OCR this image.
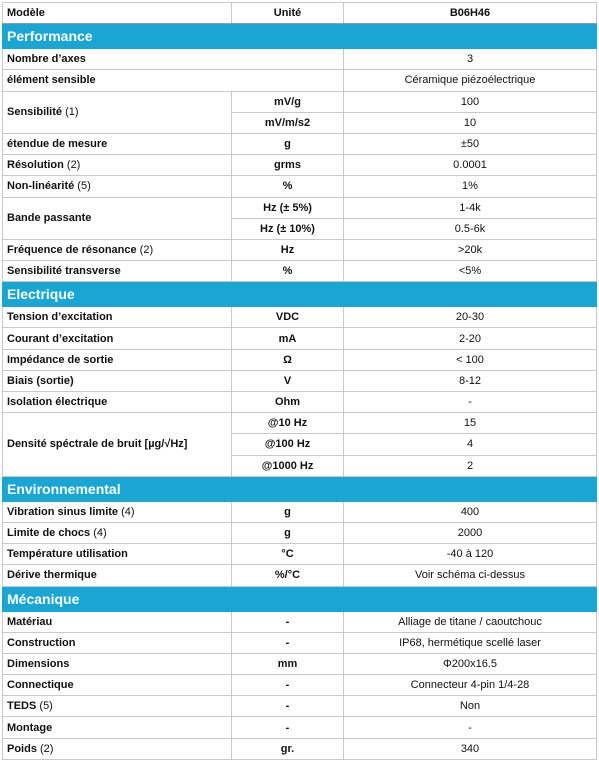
Modèle	Unité	B06H46
Performance		
Nombre d’axes		3
élément sensible		Céramique piézoélectrique
Sensibilité (1)	mV/g	100
	mV/m/s2	10
étendue de mesure	g	±50
Résolution (2)	grms	0.0001
Non-linéarité (5)	%	1%
Bande passante	Hz (± 5%)	1-4k
	Hz (± 10%)	0.5-6k
Fréquence de résonance (2)	Hz	>20k
Sensibilité transverse	%	<5%
Electrique		
Tension d’excitation	VDC	20-30
Courant d’excitation	mA	2-20
Impédance de sortie	Ω	< 100
Biais (sortie)	V	8-12
Isolation électrique	Ohm	-
Densité spéctrale de bruit [µg/√Hz]	@10 Hz	15
	@100 Hz	4
	@1000 Hz	2
Environnemental		
Vibration sinus limite (4)	g	400
Limite de chocs (4)	g	2000
Température utilisation	°C	-40 à 120
Dérive thermique	%/°C	Voir schéma ci-dessus
Mécanique		
Matériau	-	Alliage de titane / caoutchouc
Construction	-	IP68, hermétique scellé laser
Dimensions	mm	Φ200x16.5
Connectique	-	Connecteur 4-pin 1/4-28
TEDS (5)	-	Non
Montage	-	-
Poids (2)	gr.	340
